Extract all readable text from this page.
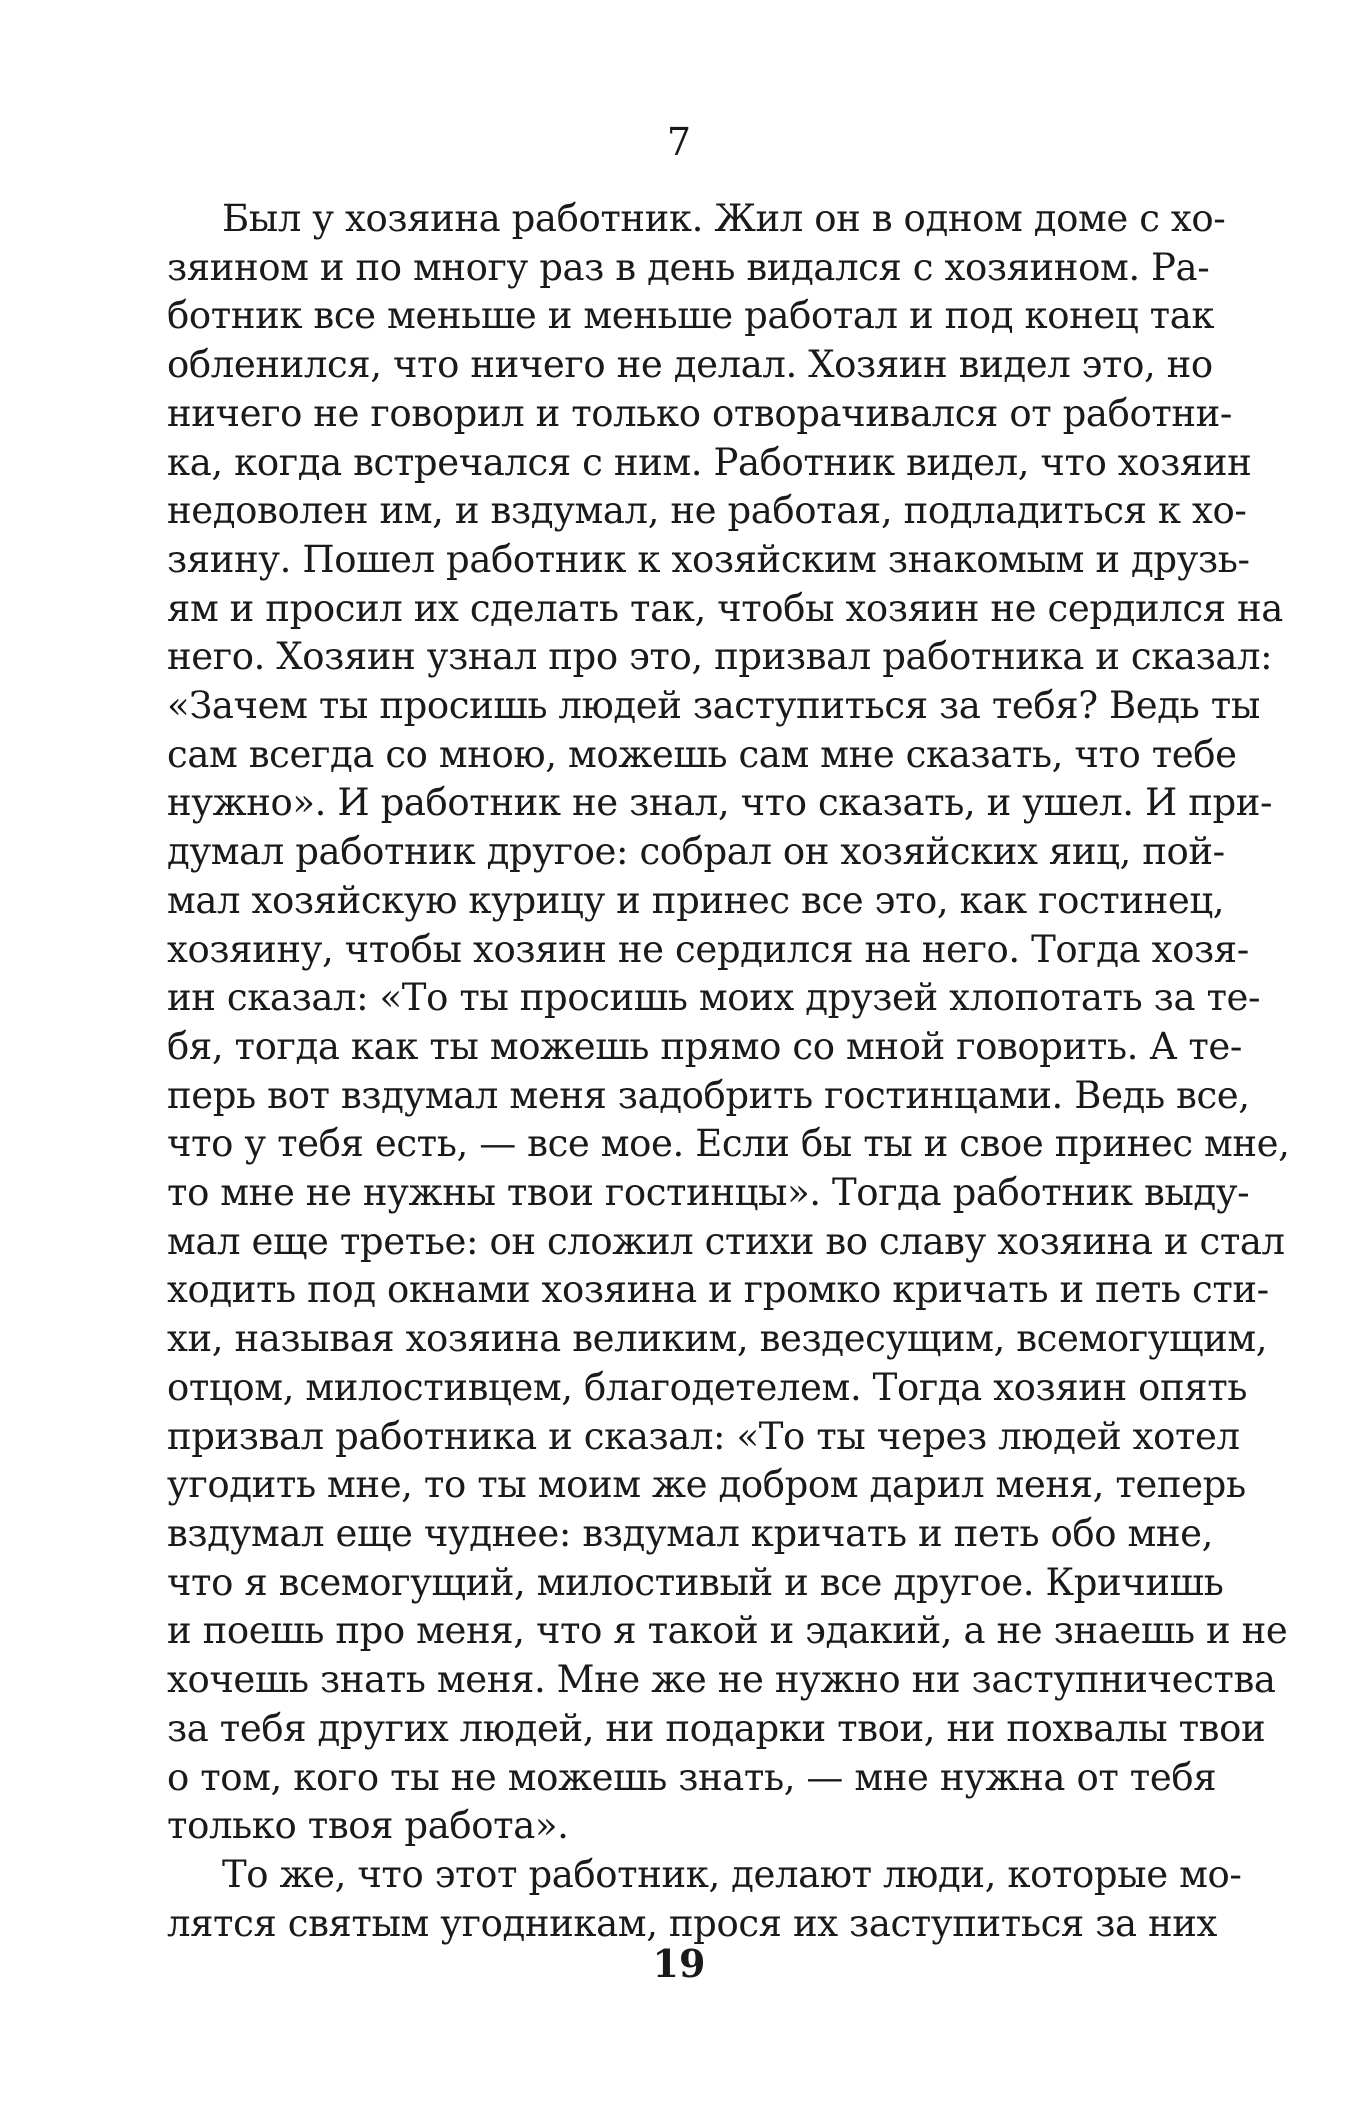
7

Был у хозяина работник. Жил он в одном доме с хо-
зяином и по многу раз в день видался с хозяином. Ра-
ботник все меньше и меньше работал и под конец так
обленился, что ничего не делал. Хозяин видел это, но
ничего не говорил и только отворачивался от работни-
ка, когда встречался с ним. Работник видел, что хозяин
недоволен им, и вздумал, не работая, подладиться к хо-
зяину. Пошел работник к хозяйским знакомым и друзь-
ям и просил их сделать так, чтобы хозяин не сердился на
него. Хозяин узнал про это, призвал работника и сказал:
«Зачем ты просишь людей заступиться за тебя? Ведь ты
сам всегда со мною, можешь сам мне сказать, что тебе
нужно». И работник не знал, что сказать, и ушел. И при-
думал работник другое: собрал он хозяйских яиц, пой-
мал хозяйскую курицу и принес все это, как гостинец,
хозяину, чтобы хозяин не сердился на него. Тогда хозя-
ин сказал: «То ты просишь моих друзей хлопотать за те-
бя, тогда как ты можешь прямо со мной говорить. А те-
перь вот вздумал меня задобрить гостинцами. Ведь все,
что у тебя есть, — все мое. Если бы ты и свое принес мне,
то мне не нужны твои гостинцы». Тогда работник выду-
мал еще третье: он сложил стихи во славу хозяина и стал
ходить под окнами хозяина и громко кричать и петь сти-
хи, называя хозяина великим, вездесущим, всемогущим,
отцом, милостивцем, благодетелем. Тогда хозяин опять
призвал работника и сказал: «То ты через людей хотел
угодить мне, то ты моим же добром дарил меня, теперь
вздумал еще чуднее: вздумал кричать и петь обо мне,
что я всемогущий, милостивый и все другое. Кричишь
и поешь про меня, что я такой и эдакий, а не знаешь и не
хочешь знать меня. Мне же не нужно ни заступничества
за тебя других людей, ни подарки твои, ни похвалы твои
о том, кого ты не можешь знать, — мне нужна от тебя
только твоя работа».

То же, что этот работник, делают люди, которые мо-
лятся святым угодникам, прося их заступиться за них

19
